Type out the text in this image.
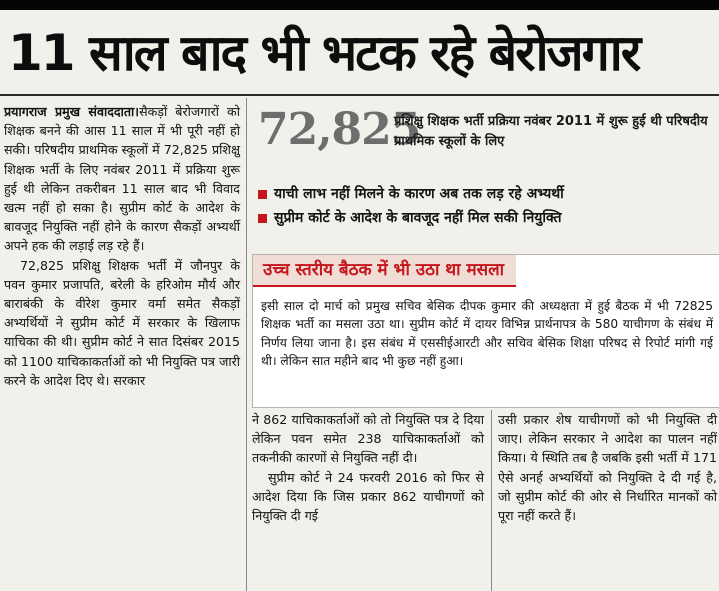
11 साल बाद भी भटक रहे बेरोजगार

प्रयागराज प्रमुख संवाददाता।सैकड़ों बेरोजगारों को शिक्षक बनने की आस 11 साल में भी पूरी नहीं हो सकी। परिषदीय प्राथमिक स्कूलों में 72,825 प्रशिक्षु शिक्षक भर्ती के लिए नवंबर 2011 में प्रक्रिया शुरू हुई थी लेकिन तकरीबन 11 साल बाद भी विवाद खत्म नहीं हो सका है। सुप्रीम कोर्ट के आदेश के बावजूद नियुक्ति नहीं होने के कारण सैकड़ों अभ्यर्थी अपने हक की लड़ाई लड़ रहे हैं।

72,825 प्रशिक्षु शिक्षक भर्ती में जौनपुर के पवन कुमार प्रजापति, बरेली के हरिओम मौर्य और बाराबंकी के वीरेश कुमार वर्मा समेत सैकड़ों अभ्यर्थियों ने सुप्रीम कोर्ट में सरकार के खिलाफ याचिका की थी। सुप्रीम कोर्ट ने सात दिसंबर 2015 को 1100 याचिकाकर्ताओं को भी नियुक्ति पत्र जारी करने के आदेश दिए थे। सरकार

72,825
प्रशिक्षु शिक्षक भर्ती प्रक्रिया नवंबर 2011 में शुरू हुई थी परिषदीय प्राथमिक स्कूलों के लिए
याची लाभ नहीं मिलने के कारण अब तक लड़ रहे अभ्यर्थी
सुप्रीम कोर्ट के आदेश के बावजूद नहीं मिल सकी नियुक्ति
उच्च स्तरीय बैठक में भी उठा था मसला
इसी साल दो मार्च को प्रमुख सचिव बेसिक दीपक कुमार की अध्यक्षता में हुई बैठक में भी 72825 शिक्षक भर्ती का मसला उठा था। सुप्रीम कोर्ट में दायर विभिन्न प्रार्थनापत्र के 580 याचीगण के संबंध में निर्णय लिया जाना है। इस संबंध में एससीईआरटी और सचिव बेसिक शिक्षा परिषद से रिपोर्ट मांगी गई थी। लेकिन सात महीने बाद भी कुछ नहीं हुआ।

ने 862 याचिकाकर्ताओं को तो नियुक्ति पत्र दे दिया लेकिन पवन समेत 238 याचिकाकर्ताओं को तकनीकी कारणों से नियुक्ति नहीं दी।

सुप्रीम कोर्ट ने 24 फरवरी 2016 को फिर से आदेश दिया कि जिस प्रकार 862 याचीगणों को नियुक्ति दी गई

उसी प्रकार शेष याचीगणों को भी नियुक्ति दी जाए। लेकिन सरकार ने आदेश का पालन नहीं किया। ये स्थिति तब है जबकि इसी भर्ती में 171 ऐसे अनर्ह अभ्यर्थियों को नियुक्ति दे दी गई है, जो सुप्रीम कोर्ट की ओर से निर्धारित मानकों को पूरा नहीं करते हैं।
